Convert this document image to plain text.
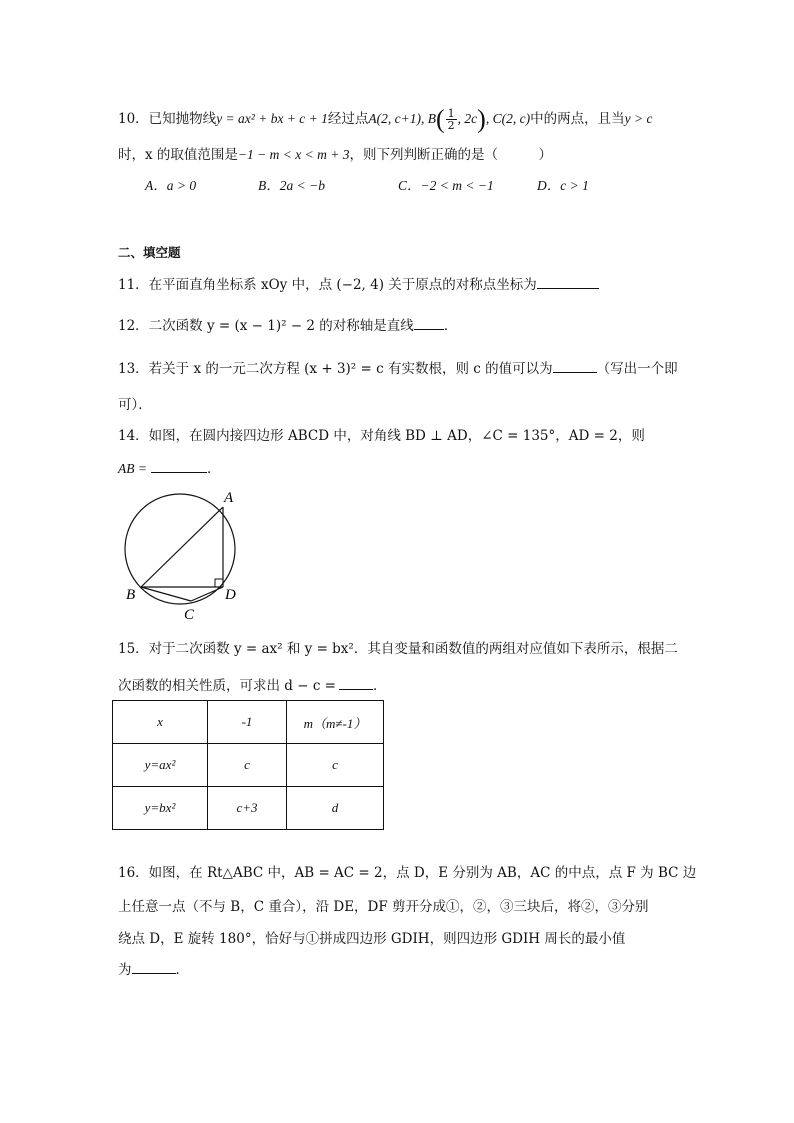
10．已知抛物线y = ax² + bx + c + 1经过点A(2, c+1), $B( \frac{1}{2}$ , 2c), C(2, c)中的两点，且当y > c
时，x 的取值范围是−1 − m < x < m + 3，则下列判断正确的是（　　　）
A．a > 0	B．2a < −b	C．−2 < m < −1	D．c > 1
二、填空题
11．在平面直角坐标系 xOy 中，点 (−2, 4) 关于原点的对称点坐标为
12．二次函数 y = (x − 1)² − 2 的对称轴是直线 ．
13．若关于 x 的一元二次方程 (x + 3)² = c 有实数根，则 c 的值可以为	（写出一个即
可）．
14．如图，在圆内接四边形 ABCD 中，对角线 BD ⊥ AD，∠C = 135°，AD = 2，则
AB =	．
A
B
C
D
15．对于二次函数 y = ax² 和 y = bx²．其自变量和函数值的两组对应值如下表所示，根据二
次函数的相关性质，可求出 d − c =	．
x	-1	m（m≠-1）
y=ax²	c	c
y=bx²	c+3	d
16．如图，在 Rt△ABC 中，AB = AC = 2，点 D，E 分别为 AB，AC 的中点，点 F 为 BC 边
上任意一点（不与 B，C 重合），沿 DE，DF 剪开分成①，②，③三块后，将②，③分别
绕点 D，E 旋转 180°，恰好与①拼成四边形 GDIH，则四边形 GDIH 周长的最小值
为	．
